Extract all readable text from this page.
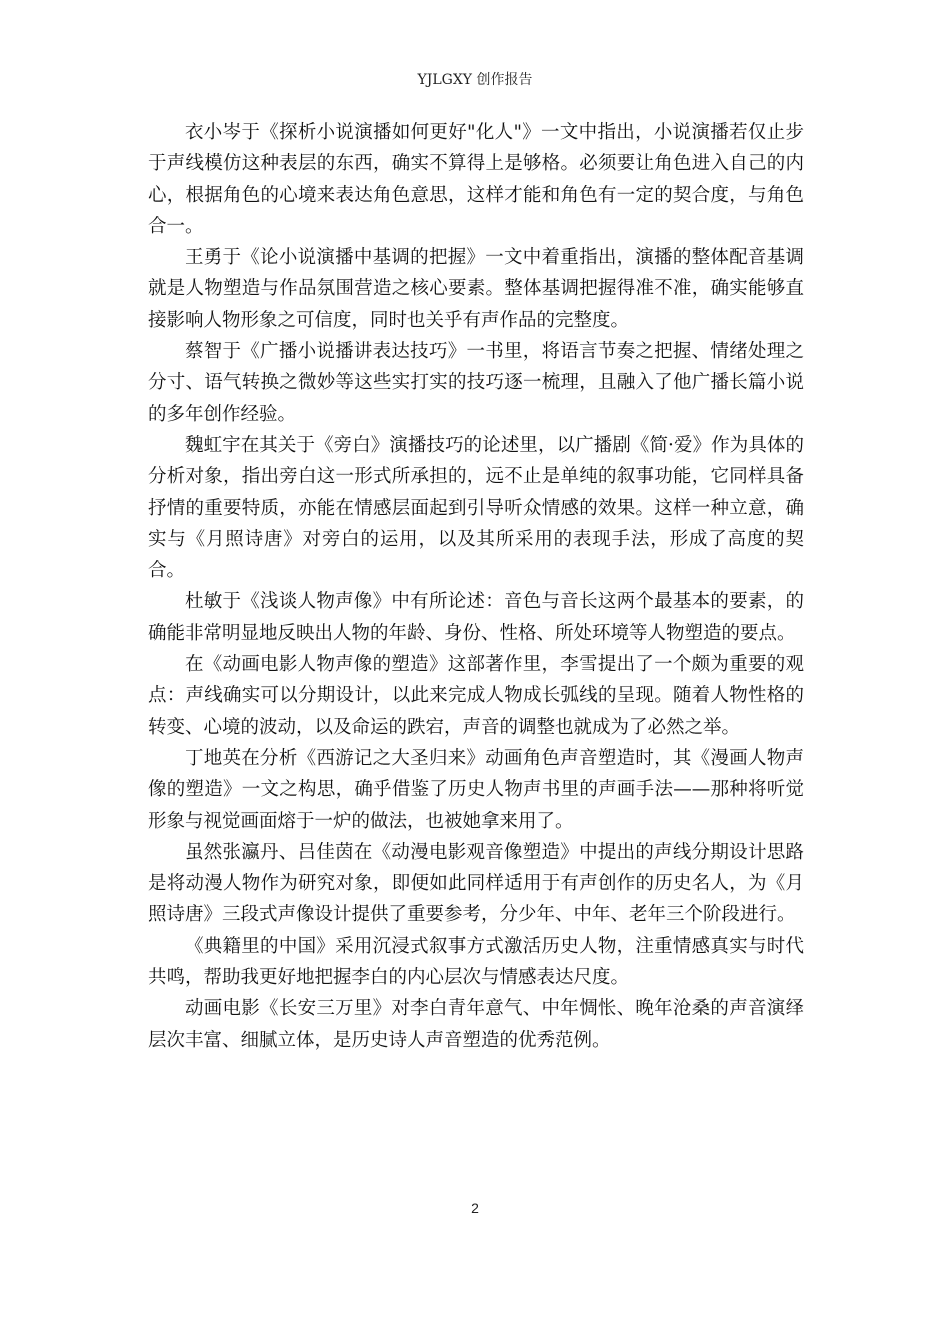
YJLGXY 创作报告

衣小岑于《探析小说演播如何更好"化人"》一文中指出，小说演播若仅止步于声线模仿这种表层的东西，确实不算得上是够格。必须要让角色进入自己的内心，根据角色的心境来表达角色意思，这样才能和角色有一定的契合度，与角色合一。

王勇于《论小说演播中基调的把握》一文中着重指出，演播的整体配音基调就是人物塑造与作品氛围营造之核心要素。整体基调把握得准不准，确实能够直接影响人物形象之可信度，同时也关乎有声作品的完整度。

蔡智于《广播小说播讲表达技巧》一书里，将语言节奏之把握、情绪处理之分寸、语气转换之微妙等这些实打实的技巧逐一梳理，且融入了他广播长篇小说的多年创作经验。

魏虹宇在其关于《旁白》演播技巧的论述里，以广播剧《简·爱》作为具体的分析对象，指出旁白这一形式所承担的，远不止是单纯的叙事功能，它同样具备抒情的重要特质，亦能在情感层面起到引导听众情感的效果。这样一种立意，确实与《月照诗唐》对旁白的运用，以及其所采用的表现手法，形成了高度的契合。

杜敏于《浅谈人物声像》中有所论述：音色与音长这两个最基本的要素，的确能非常明显地反映出人物的年龄、身份、性格、所处环境等人物塑造的要点。

在《动画电影人物声像的塑造》这部著作里，李雪提出了一个颇为重要的观点：声线确实可以分期设计，以此来完成人物成长弧线的呈现。随着人物性格的转变、心境的波动，以及命运的跌宕，声音的调整也就成为了必然之举。

丁地英在分析《西游记之大圣归来》动画角色声音塑造时，其《漫画人物声像的塑造》一文之构思，确乎借鉴了历史人物声书里的声画手法——那种将听觉形象与视觉画面熔于一炉的做法，也被她拿来用了。

虽然张瀛丹、吕佳茵在《动漫电影观音像塑造》中提出的声线分期设计思路是将动漫人物作为研究对象，即便如此同样适用于有声创作的历史名人，为《月照诗唐》三段式声像设计提供了重要参考，分少年、中年、老年三个阶段进行。

《典籍里的中国》采用沉浸式叙事方式激活历史人物，注重情感真实与时代共鸣，帮助我更好地把握李白的内心层次与情感表达尺度。

动画电影《长安三万里》对李白青年意气、中年惆怅、晚年沧桑的声音演绎层次丰富、细腻立体，是历史诗人声音塑造的优秀范例。

2
